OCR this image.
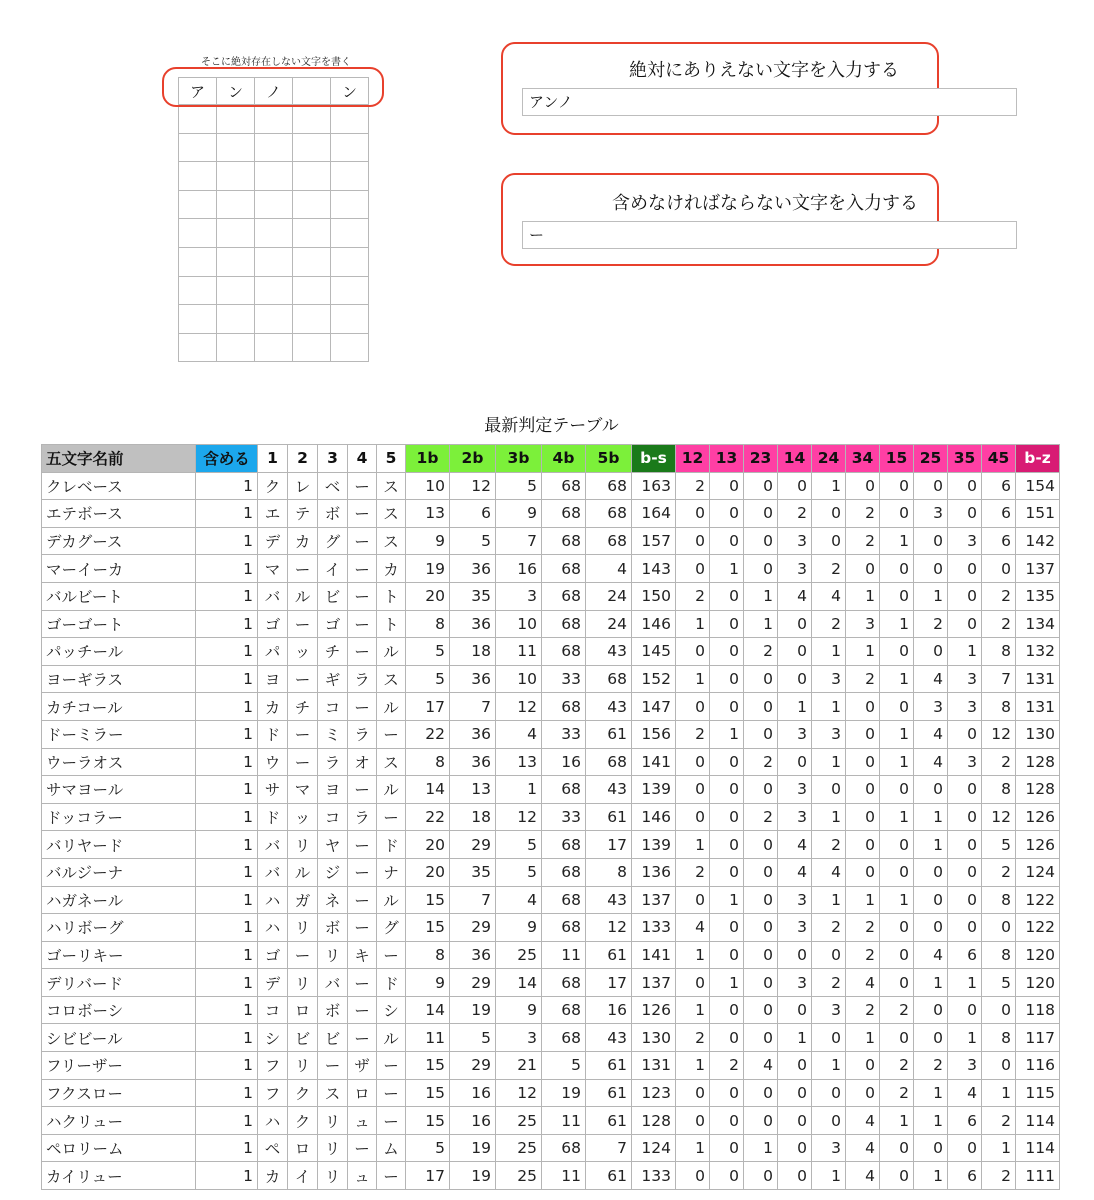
そこに絶対存在しない文字を書く
ア	ン	ノ		ン

絶対にありえない文字を入力する
アンノ
含めなければならない文字を入力する
ー
最新判定テーブル
五文字名前	含める	1	2	3	4	5	1b	2b	3b	4b	5b	b-s	12	13	23	14	24	34	15	25	35	45	b-z
クレベース	1	ク	レ	ベ	ー	ス	10	12	5	68	68	163	2	0	0	0	1	0	0	0	0	6	154
エテボース	1	エ	テ	ボ	ー	ス	13	6	9	68	68	164	0	0	0	2	0	2	0	3	0	6	151
デカグース	1	デ	カ	グ	ー	ス	9	5	7	68	68	157	0	0	0	3	0	2	1	0	3	6	142
マーイーカ	1	マ	ー	イ	ー	カ	19	36	16	68	4	143	0	1	0	3	2	0	0	0	0	0	137
バルビート	1	バ	ル	ビ	ー	ト	20	35	3	68	24	150	2	0	1	4	4	1	0	1	0	2	135
ゴーゴート	1	ゴ	ー	ゴ	ー	ト	8	36	10	68	24	146	1	0	1	0	2	3	1	2	0	2	134
パッチール	1	パ	ッ	チ	ー	ル	5	18	11	68	43	145	0	0	2	0	1	1	0	0	1	8	132
ヨーギラス	1	ヨ	ー	ギ	ラ	ス	5	36	10	33	68	152	1	0	0	0	3	2	1	4	3	7	131
カチコール	1	カ	チ	コ	ー	ル	17	7	12	68	43	147	0	0	0	1	1	0	0	3	3	8	131
ドーミラー	1	ド	ー	ミ	ラ	ー	22	36	4	33	61	156	2	1	0	3	3	0	1	4	0	12	130
ウーラオス	1	ウ	ー	ラ	オ	ス	8	36	13	16	68	141	0	0	2	0	1	0	1	4	3	2	128
サマヨール	1	サ	マ	ヨ	ー	ル	14	13	1	68	43	139	0	0	0	3	0	0	0	0	0	8	128
ドッコラー	1	ド	ッ	コ	ラ	ー	22	18	12	33	61	146	0	0	2	3	1	0	1	1	0	12	126
バリヤード	1	バ	リ	ヤ	ー	ド	20	29	5	68	17	139	1	0	0	4	2	0	0	1	0	5	126
バルジーナ	1	バ	ル	ジ	ー	ナ	20	35	5	68	8	136	2	0	0	4	4	0	0	0	0	2	124
ハガネール	1	ハ	ガ	ネ	ー	ル	15	7	4	68	43	137	0	1	0	3	1	1	1	0	0	8	122
ハリボーグ	1	ハ	リ	ボ	ー	グ	15	29	9	68	12	133	4	0	0	3	2	2	0	0	0	0	122
ゴーリキー	1	ゴ	ー	リ	キ	ー	8	36	25	11	61	141	1	0	0	0	0	2	0	4	6	8	120
デリバード	1	デ	リ	バ	ー	ド	9	29	14	68	17	137	0	1	0	3	2	4	0	1	1	5	120
コロボーシ	1	コ	ロ	ボ	ー	シ	14	19	9	68	16	126	1	0	0	0	3	2	2	0	0	0	118
シビビール	1	シ	ビ	ビ	ー	ル	11	5	3	68	43	130	2	0	0	1	0	1	0	0	1	8	117
フリーザー	1	フ	リ	ー	ザ	ー	15	29	21	5	61	131	1	2	4	0	1	0	2	2	3	0	116
フクスロー	1	フ	ク	ス	ロ	ー	15	16	12	19	61	123	0	0	0	0	0	0	2	1	4	1	115
ハクリュー	1	ハ	ク	リ	ュ	ー	15	16	25	11	61	128	0	0	0	0	0	4	1	1	6	2	114
ペロリーム	1	ペ	ロ	リ	ー	ム	5	19	25	68	7	124	1	0	1	0	3	4	0	0	0	1	114
カイリュー	1	カ	イ	リ	ュ	ー	17	19	25	11	61	133	0	0	0	0	1	4	0	1	6	2	111
